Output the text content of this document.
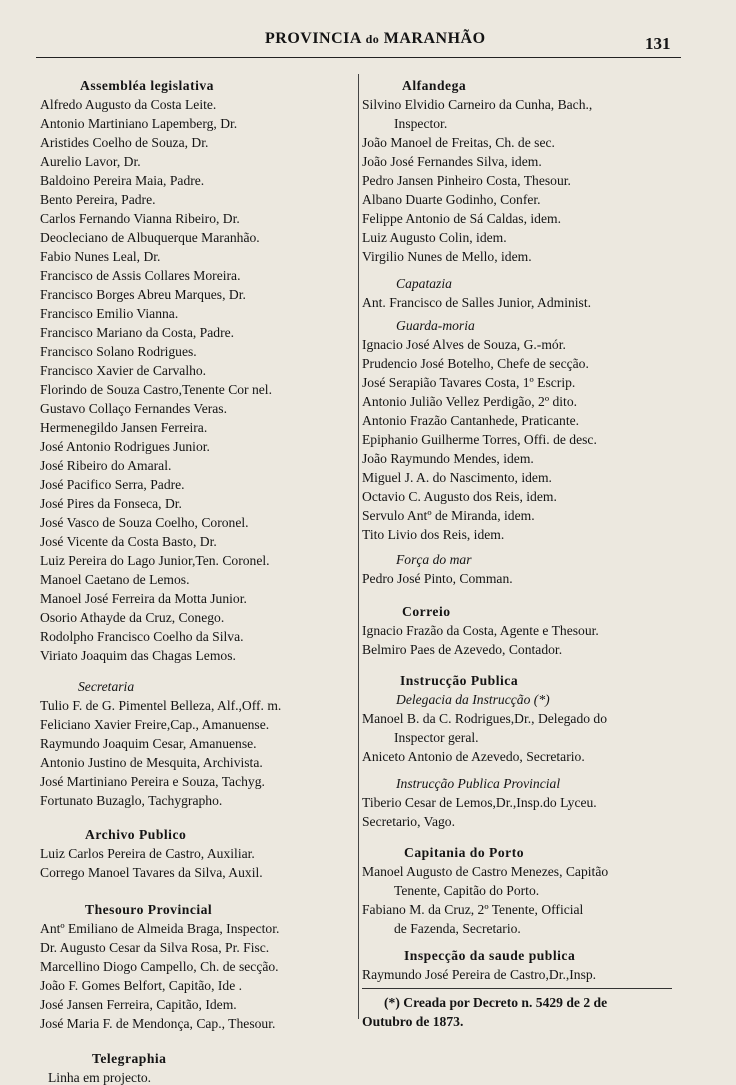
PROVINCIA do MARANHÃO	131
Assembléa legislativa
Alfredo Augusto da Costa Leite.
Antonio Martiniano Lapemberg, Dr.
Aristides Coelho de Souza, Dr.
Aurelio Lavor, Dr.
Baldoino Pereira Maia, Padre.
Bento Pereira, Padre.
Carlos Fernando Vianna Ribeiro, Dr.
Deocleciano de Albuquerque Maranhão.
Fabio Nunes Leal, Dr.
Francisco de Assis Collares Moreira.
Francisco Borges Abreu Marques, Dr.
Francisco Emilio Vianna.
Francisco Mariano da Costa, Padre.
Francisco Solano Rodrigues.
Francisco Xavier de Carvalho.
Florindo de Souza Castro,Tenente Cor nel.
Gustavo Collaço Fernandes Veras.
Hermenegildo Jansen Ferreira.
José Antonio Rodrigues Junior.
José Ribeiro do Amaral.
José Pacifico Serra, Padre.
José Pires da Fonseca, Dr.
José Vasco de Souza Coelho, Coronel.
José Vicente da Costa Basto, Dr.
Luiz Pereira do Lago Junior,Ten. Coronel.
Manoel Caetano de Lemos.
Manoel José Ferreira da Motta Junior.
Osorio Athayde da Cruz, Conego.
Rodolpho Francisco Coelho da Silva.
Viriato Joaquim das Chagas Lemos.
Secretaria
Tulio F. de G. Pimentel Belleza, Alf.,Off. m.
Feliciano Xavier Freire,Cap., Amanuense.
Raymundo Joaquim Cesar, Amanuense.
Antonio Justino de Mesquita, Archivista.
José Martiniano Pereira e Souza, Tachyg.
Fortunato Buzaglo, Tachygrapho.
Archivo Publico
Luiz Carlos Pereira de Castro, Auxiliar.
Corrego Manoel Tavares da Silva, Auxil.
Thesouro Provincial
Antº Emiliano de Almeida Braga, Inspector.
Dr. Augusto Cesar da Silva Rosa, Pr. Fisc.
Marcellino Diogo Campello, Ch. de secção.
João F. Gomes Belfort, Capitão, Ide .
José Jansen Ferreira, Capitão, Idem.
José Maria F. de Mendonça, Cap., Thesour.
Telegraphia
Linha em projecto.
Alfandega
Silvino Elvidio Carneiro da Cunha, Bach.,
Inspector.
João Manoel de Freitas, Ch. de sec.
João José Fernandes Silva, idem.
Pedro Jansen Pinheiro Costa, Thesour.
Albano Duarte Godinho, Confer.
Felippe Antonio de Sá Caldas, idem.
Luiz Augusto Colin, idem.
Virgilio Nunes de Mello, idem.
Capatazia
Ant. Francisco de Salles Junior, Administ.
Guarda-moria
Ignacio José Alves de Souza, G.-mór.
Prudencio José Botelho, Chefe de secção.
José Serapião Tavares Costa, 1º Escrip.
Antonio Julião Vellez Perdigão, 2º dito.
Antonio Frazão Cantanhede, Praticante.
Epiphanio Guilherme Torres, Offi. de desc.
João Raymundo Mendes, idem.
Miguel J. A. do Nascimento, idem.
Octavio C. Augusto dos Reis, idem.
Servulo Antº de Miranda, idem.
Tito Livio dos Reis, idem.
Força do mar
Pedro José Pinto, Comman.
Correio
Ignacio Frazão da Costa, Agente e Thesour.
Belmiro Paes de Azevedo, Contador.
Instrucção Publica
Delegacia da Instrucção (*)
Manoel B. da C. Rodrigues,Dr., Delegado do
Inspector geral.
Aniceto Antonio de Azevedo, Secretario.
Instrucção Publica Provincial
Tiberio Cesar de Lemos,Dr.,Insp.do Lyceu.
Secretario, Vago.
Capitania do Porto
Manoel Augusto de Castro Menezes, Capitão
Tenente, Capitão do Porto.
Fabiano M. da Cruz, 2º Tenente, Official
de Fazenda, Secretario.
Inspecção da saude publica
Raymundo José Pereira de Castro,Dr.,Insp.
(*) Creada por Decreto n. 5429 de 2 de
Outubro de 1873.
